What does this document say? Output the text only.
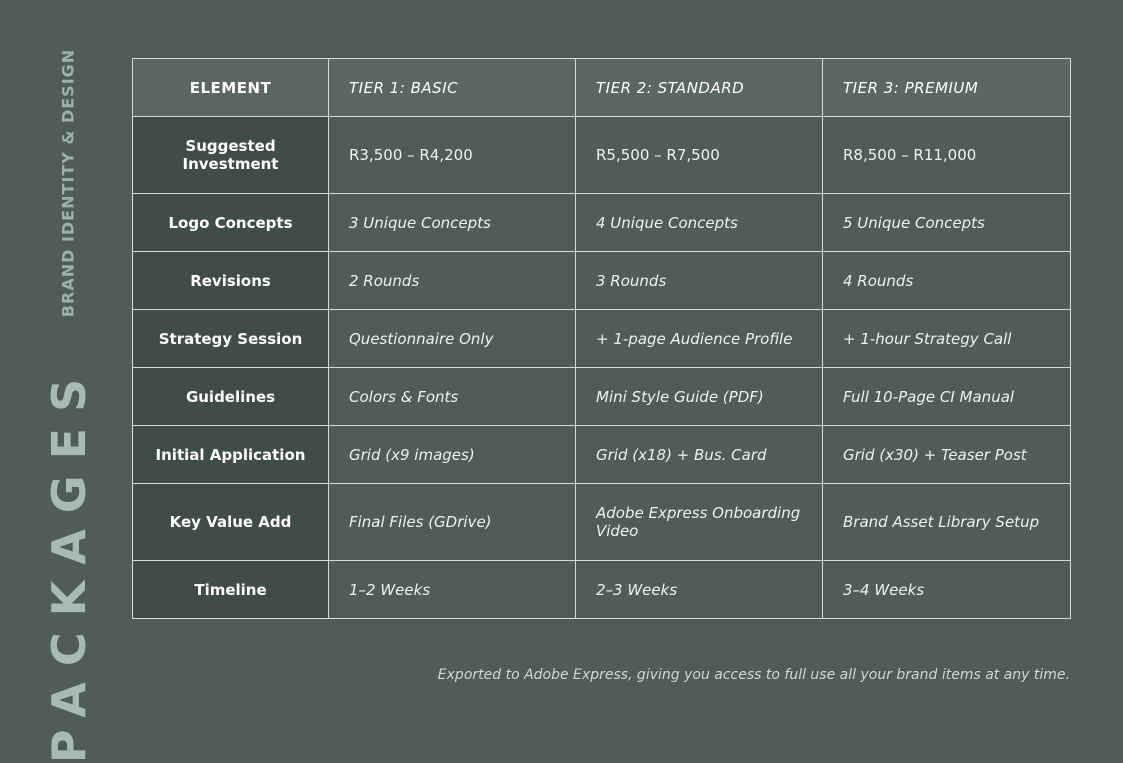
BRAND IDENTITY & DESIGN
PACKAGES
ELEMENT	TIER 1: BASIC	TIER 2: STANDARD	TIER 3: PREMIUM
Suggested Investment	R3,500 – R4,200	R5,500 – R7,500	R8,500 – R11,000
Logo Concepts	3 Unique Concepts	4 Unique Concepts	5 Unique Concepts
Revisions	2 Rounds	3 Rounds	4 Rounds
Strategy Session	Questionnaire Only	+ 1-page Audience Profile	+ 1-hour Strategy Call
Guidelines	Colors & Fonts	Mini Style Guide (PDF)	Full 10-Page CI Manual
Initial Application	Grid (x9 images)	Grid (x18) + Bus. Card	Grid (x30) + Teaser Post
Key Value Add	Final Files (GDrive)	Adobe Express Onboarding Video	Brand Asset Library Setup
Timeline	1–2 Weeks	2–3 Weeks	3–4 Weeks
Exported to Adobe Express, giving you access to full use all your brand items at any time.
